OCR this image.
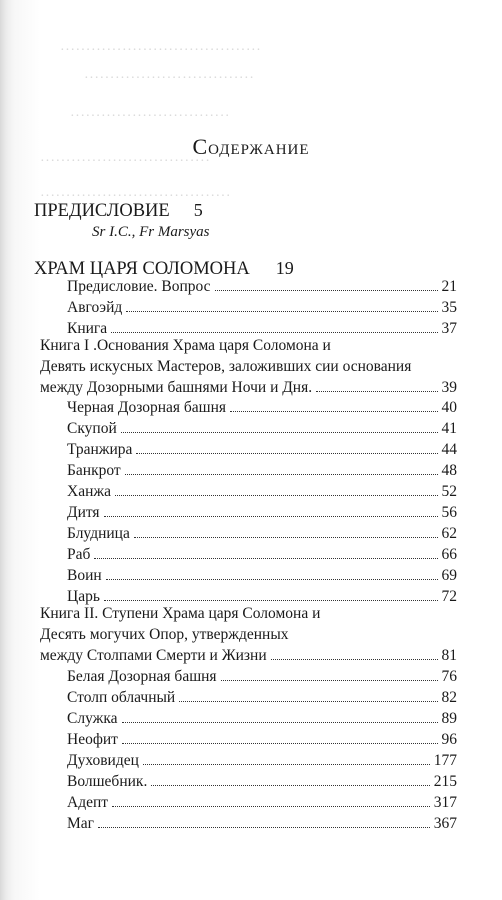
·······································
·································
·······························
·································
·····································
Содержание
ПРЕДИСЛОВИЕ 5
Sr I.C., Fr Marsyas
ХРАМ ЦАРЯ СОЛОМОНА 19
Предисловие. Вопрос	21
Авгоэйд	35
Книга	37
Книга I .Основания Храма царя Соломона и
Девять искусных Мастеров, заложивших сии основания
между Дозорными башнями Ночи и Дня.	39
Черная Дозорная башня	40
Скупой	41
Транжира	44
Банкрот	48
Ханжа	52
Дитя	56
Блудница	62
Раб	66
Воин	69
Царь	72
Книга II. Ступени Храма царя Соломона и
Десять могучих Опор, утвержденных
между Столпами Смерти и Жизни	81
Белая Дозорная башня	76
Столп облачный	82
Служка	89
Неофит	96
Духовидец	177
Волшебник.	215
Адепт	317
Маг	367
